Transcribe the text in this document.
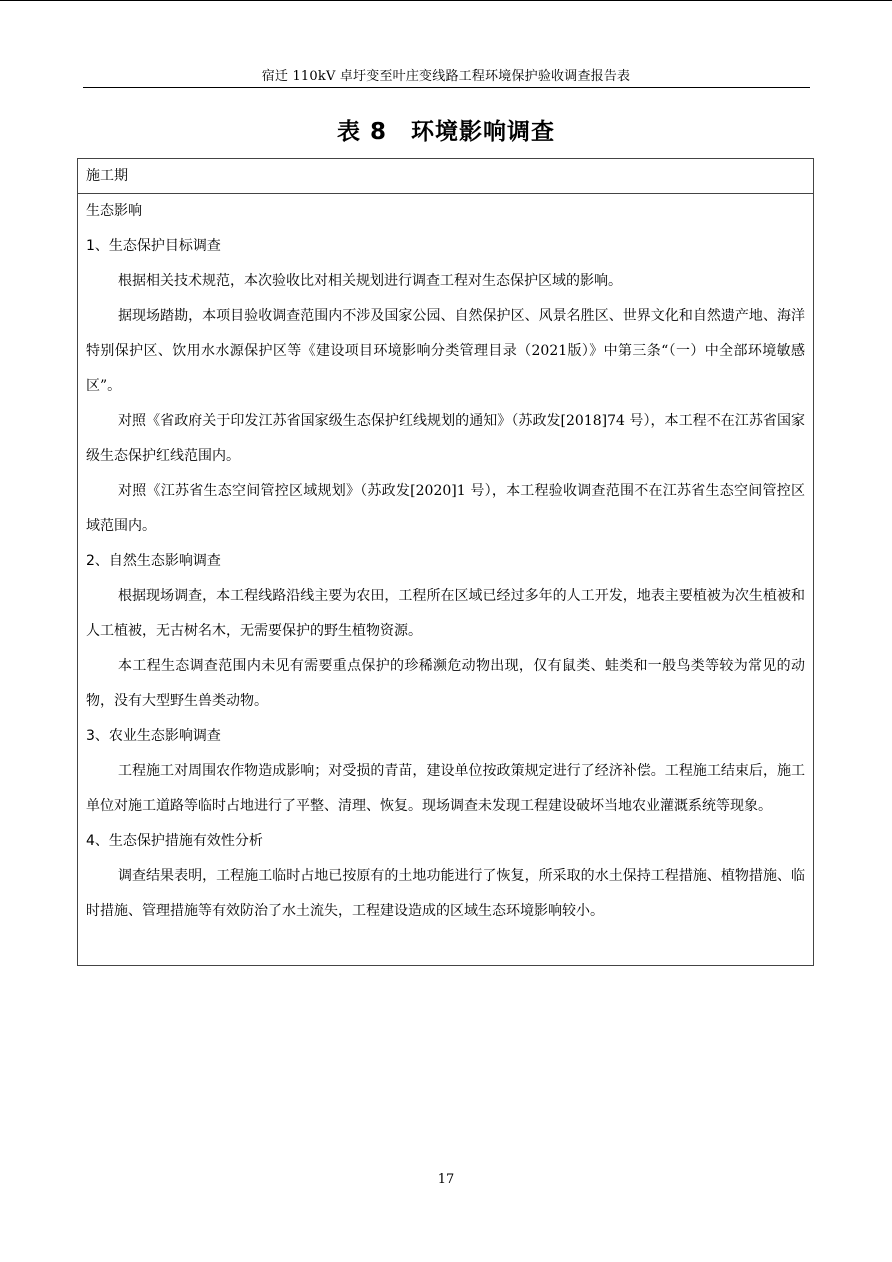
宿迁 110kV 卓圩变至叶庄变线路工程环境保护验收调查报告表
表 8　环境影响调查
施工期
生态影响
1、生态保护目标调查

根据相关技术规范，本次验收比对相关规划进行调查工程对生态保护区域的影响。

据现场踏勘，本项目验收调查范围内不涉及国家公园、自然保护区、风景名胜区、世界文化和自然遗产地、海洋特别保护区、饮用水水源保护区等《建设项目环境影响分类管理目录（2021版）》中第三条“（一）中全部环境敏感区”。

对照《省政府关于印发江苏省国家级生态保护红线规划的通知》（苏政发[2018]74 号），本工程不在江苏省国家级生态保护红线范围内。

对照《江苏省生态空间管控区域规划》（苏政发[2020]1 号），本工程验收调查范围不在江苏省生态空间管控区域范围内。

2、自然生态影响调查

根据现场调查，本工程线路沿线主要为农田，工程所在区域已经过多年的人工开发，地表主要植被为次生植被和人工植被，无古树名木，无需要保护的野生植物资源。

本工程生态调查范围内未见有需要重点保护的珍稀濒危动物出现，仅有鼠类、蛙类和一般鸟类等较为常见的动物，没有大型野生兽类动物。

3、农业生态影响调查

工程施工对周围农作物造成影响；对受损的青苗，建设单位按政策规定进行了经济补偿。工程施工结束后，施工单位对施工道路等临时占地进行了平整、清理、恢复。现场调查未发现工程建设破坏当地农业灌溉系统等现象。

4、生态保护措施有效性分析

调查结果表明，工程施工临时占地已按原有的土地功能进行了恢复，所采取的水土保持工程措施、植物措施、临时措施、管理措施等有效防治了水土流失，工程建设造成的区域生态环境影响较小。

17
